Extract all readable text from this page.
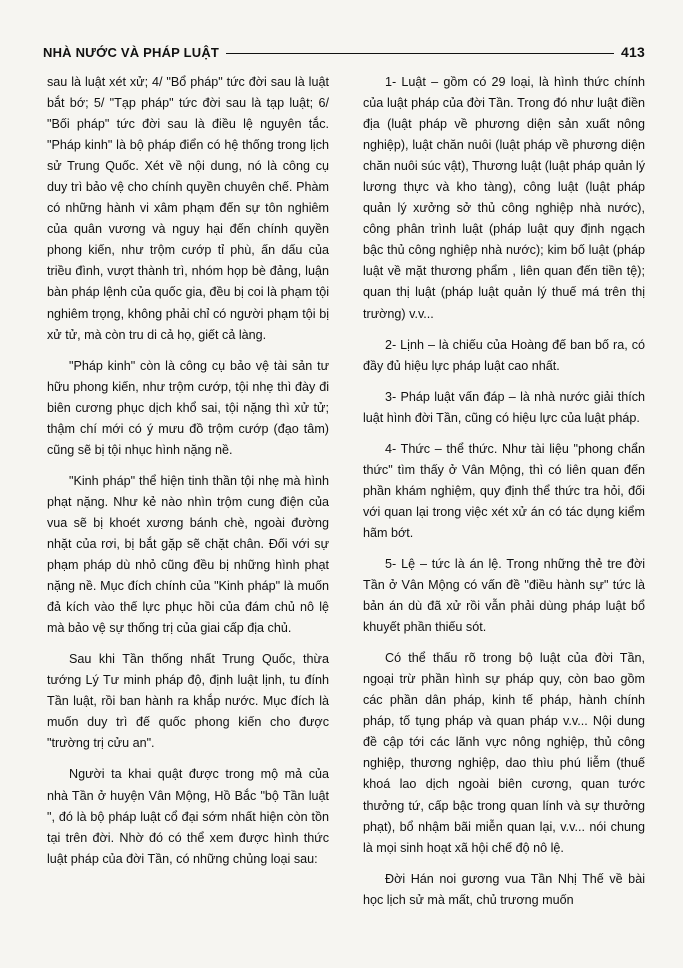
NHÀ NƯỚC VÀ PHÁP LUẬT	413

sau là luật xét xử; 4/ "Bổ pháp" tức đời sau là luật bắt bớ; 5/ "Tạp pháp" tức đời sau là tạp luật; 6/ "Bối pháp" tức đời sau là điều lệ nguyên tắc. "Pháp kinh" là bộ pháp điển có hệ thống trong lịch sử Trung Quốc. Xét về nội dung, nó là công cụ duy trì bảo vệ cho chính quyền chuyên chế. Phàm có những hành vi xâm phạm đến sự tôn nghiêm của quân vương và nguy hại đến chính quyền phong kiến, như trộm cướp tỉ phù, ấn dấu của triều đình, vượt thành trì, nhóm họp bè đảng, luận bàn pháp lệnh của quốc gia, đều bị coi là phạm tội nghiêm trọng, không phải chỉ có người phạm tội bị xử tử, mà còn tru di cả họ, giết cả làng.

"Pháp kinh" còn là công cụ bảo vệ tài sản tư hữu phong kiến, như trộm cướp, tội nhẹ thì đày đi biên cương phục dịch khổ sai, tội nặng thì xử tử; thậm chí mới có ý mưu đồ trộm cướp (đạo tâm) cũng sẽ bị tội nhục hình nặng nề.

"Kinh pháp" thể hiện tinh thần tội nhẹ mà hình phạt nặng. Như kẻ nào nhìn trộm cung điện của vua sẽ bị khoét xương bánh chè, ngoài đường nhặt của rơi, bị bắt gặp sẽ chặt chân. Đối với sự phạm pháp dù nhỏ cũng đều bị những hình phạt nặng nề. Mục đích chính của "Kinh pháp" là muốn đả kích vào thế lực phục hồi của đám chủ nô lệ mà bảo vệ sự thống trị của giai cấp địa chủ.

Sau khi Tần thống nhất Trung Quốc, thừa tướng Lý Tư minh pháp độ, định luật lịnh, tu đính Tần luật, rồi ban hành ra khắp nước. Mục đích là muốn duy trì đế quốc phong kiến cho được "trường trị cửu an".

Người ta khai quật được trong mộ mả của nhà Tần ở huyện Vân Mộng, Hồ Bắc "bộ Tần luật ", đó là bộ pháp luật cổ đại sớm nhất hiện còn tồn tại trên đời. Nhờ đó có thể xem được hình thức luật pháp của đời Tần, có những chủng loại sau:

1- Luật – gồm có 29 loại, là hình thức chính của luật pháp của đời Tần. Trong đó như luật điền địa (luật pháp về phương diện sản xuất nông nghiệp), luật chăn nuôi (luật pháp về phương diện chăn nuôi súc vật), Thương luật (luật pháp quản lý lương thực và kho tàng), công luật (luật pháp quản lý xưởng sở thủ công nghiệp nhà nước), công phân trình luật (pháp luật quy định ngạch bậc thủ công nghiệp nhà nước); kim bố luật (pháp luật về mặt thương phẩm , liên quan đến tiền tệ); quan thị luật (pháp luật quản lý thuế má trên thị trường) v.v...

2- Lịnh – là chiếu của Hoàng đế ban bố ra, có đầy đủ hiệu lực pháp luật cao nhất.

3- Pháp luật vấn đáp – là nhà nước giải thích luật hình đời Tần, cũng có hiệu lực của luật pháp.

4- Thức – thể thức. Như tài liệu "phong chẩn thức" tìm thấy ở Vân Mộng, thì có liên quan đến phần khám nghiệm, quy định thể thức tra hỏi, đối với quan lại trong việc xét xử án có tác dụng kiểm hãm bớt.

5- Lệ – tức là án lệ. Trong những thẻ tre đời Tần ở Vân Mộng có vấn đề "điều hành sự" tức là bản án dù đã xử rồi vẫn phải dùng pháp luật bổ khuyết phần thiếu sót.

Có thể thấu rõ trong bộ luật của đời Tần, ngoại trừ phần hình sự pháp quy, còn bao gồm các phần dân pháp, kinh tế pháp, hành chính pháp, tố tụng pháp và quan pháp v.v... Nội dung đề cập tới các lãnh vực nông nghiệp, thủ công nghiệp, thương nghiệp, dao thìu phú liễm (thuế khoá lao dịch ngoài biên cương, quan tước thưởng tứ, cấp bậc trong quan lính và sự thưởng phạt), bổ nhậm bãi miễn quan lại, v.v... nói chung là mọi sinh hoạt xã hội chế độ nô lệ.

Đời Hán noi gương vua Tần Nhị Thế về bài học lịch sử mà mất, chủ trương muốn
